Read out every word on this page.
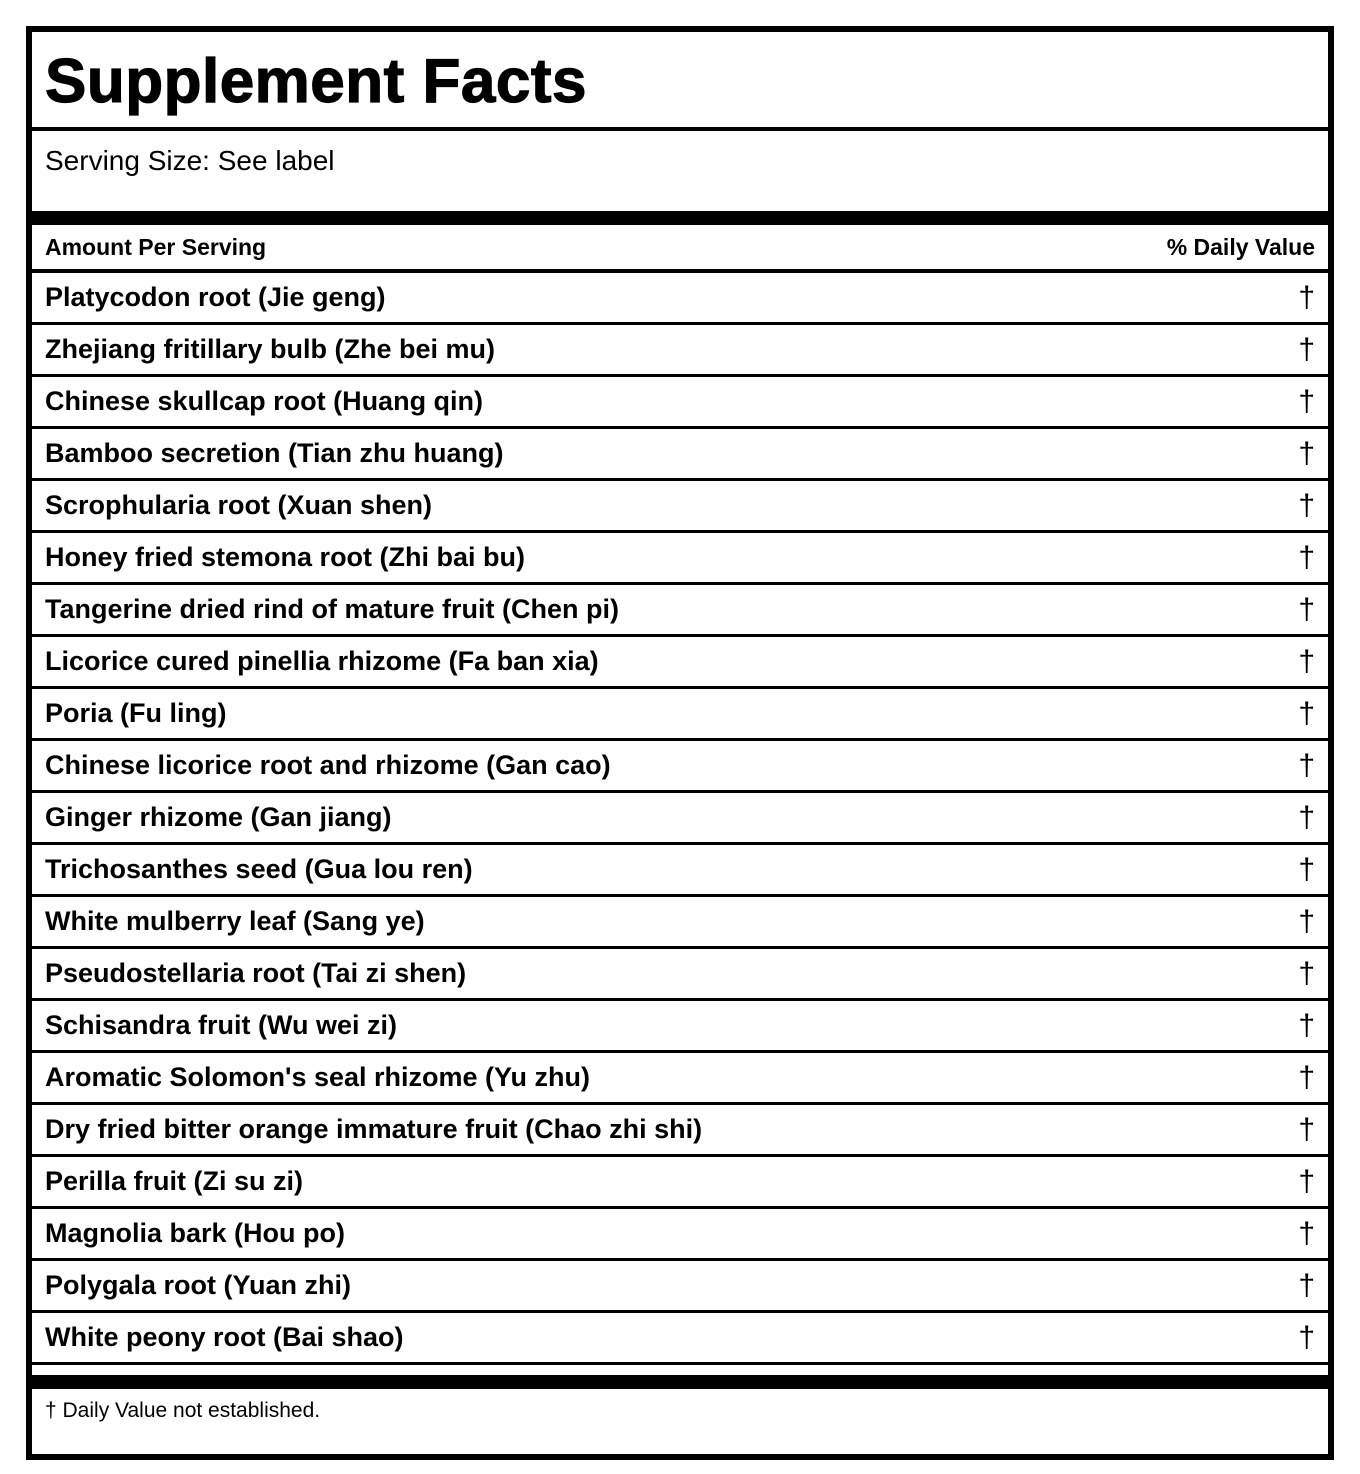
Supplement Facts
Serving Size: See label
Amount Per Serving	% Daily Value
Platycodon root (Jie geng)	†
Zhejiang fritillary bulb (Zhe bei mu)	†
Chinese skullcap root (Huang qin)	†
Bamboo secretion (Tian zhu huang)	†
Scrophularia root (Xuan shen)	†
Honey fried stemona root (Zhi bai bu)	†
Tangerine dried rind of mature fruit (Chen pi)	†
Licorice cured pinellia rhizome (Fa ban xia)	†
Poria (Fu ling)	†
Chinese licorice root and rhizome (Gan cao)	†
Ginger rhizome (Gan jiang)	†
Trichosanthes seed (Gua lou ren)	†
White mulberry leaf (Sang ye)	†
Pseudostellaria root (Tai zi shen)	†
Schisandra fruit (Wu wei zi)	†
Aromatic Solomon's seal rhizome (Yu zhu)	†
Dry fried bitter orange immature fruit (Chao zhi shi)	†
Perilla fruit (Zi su zi)	†
Magnolia bark (Hou po)	†
Polygala root (Yuan zhi)	†
White peony root (Bai shao)	†
† Daily Value not established.
